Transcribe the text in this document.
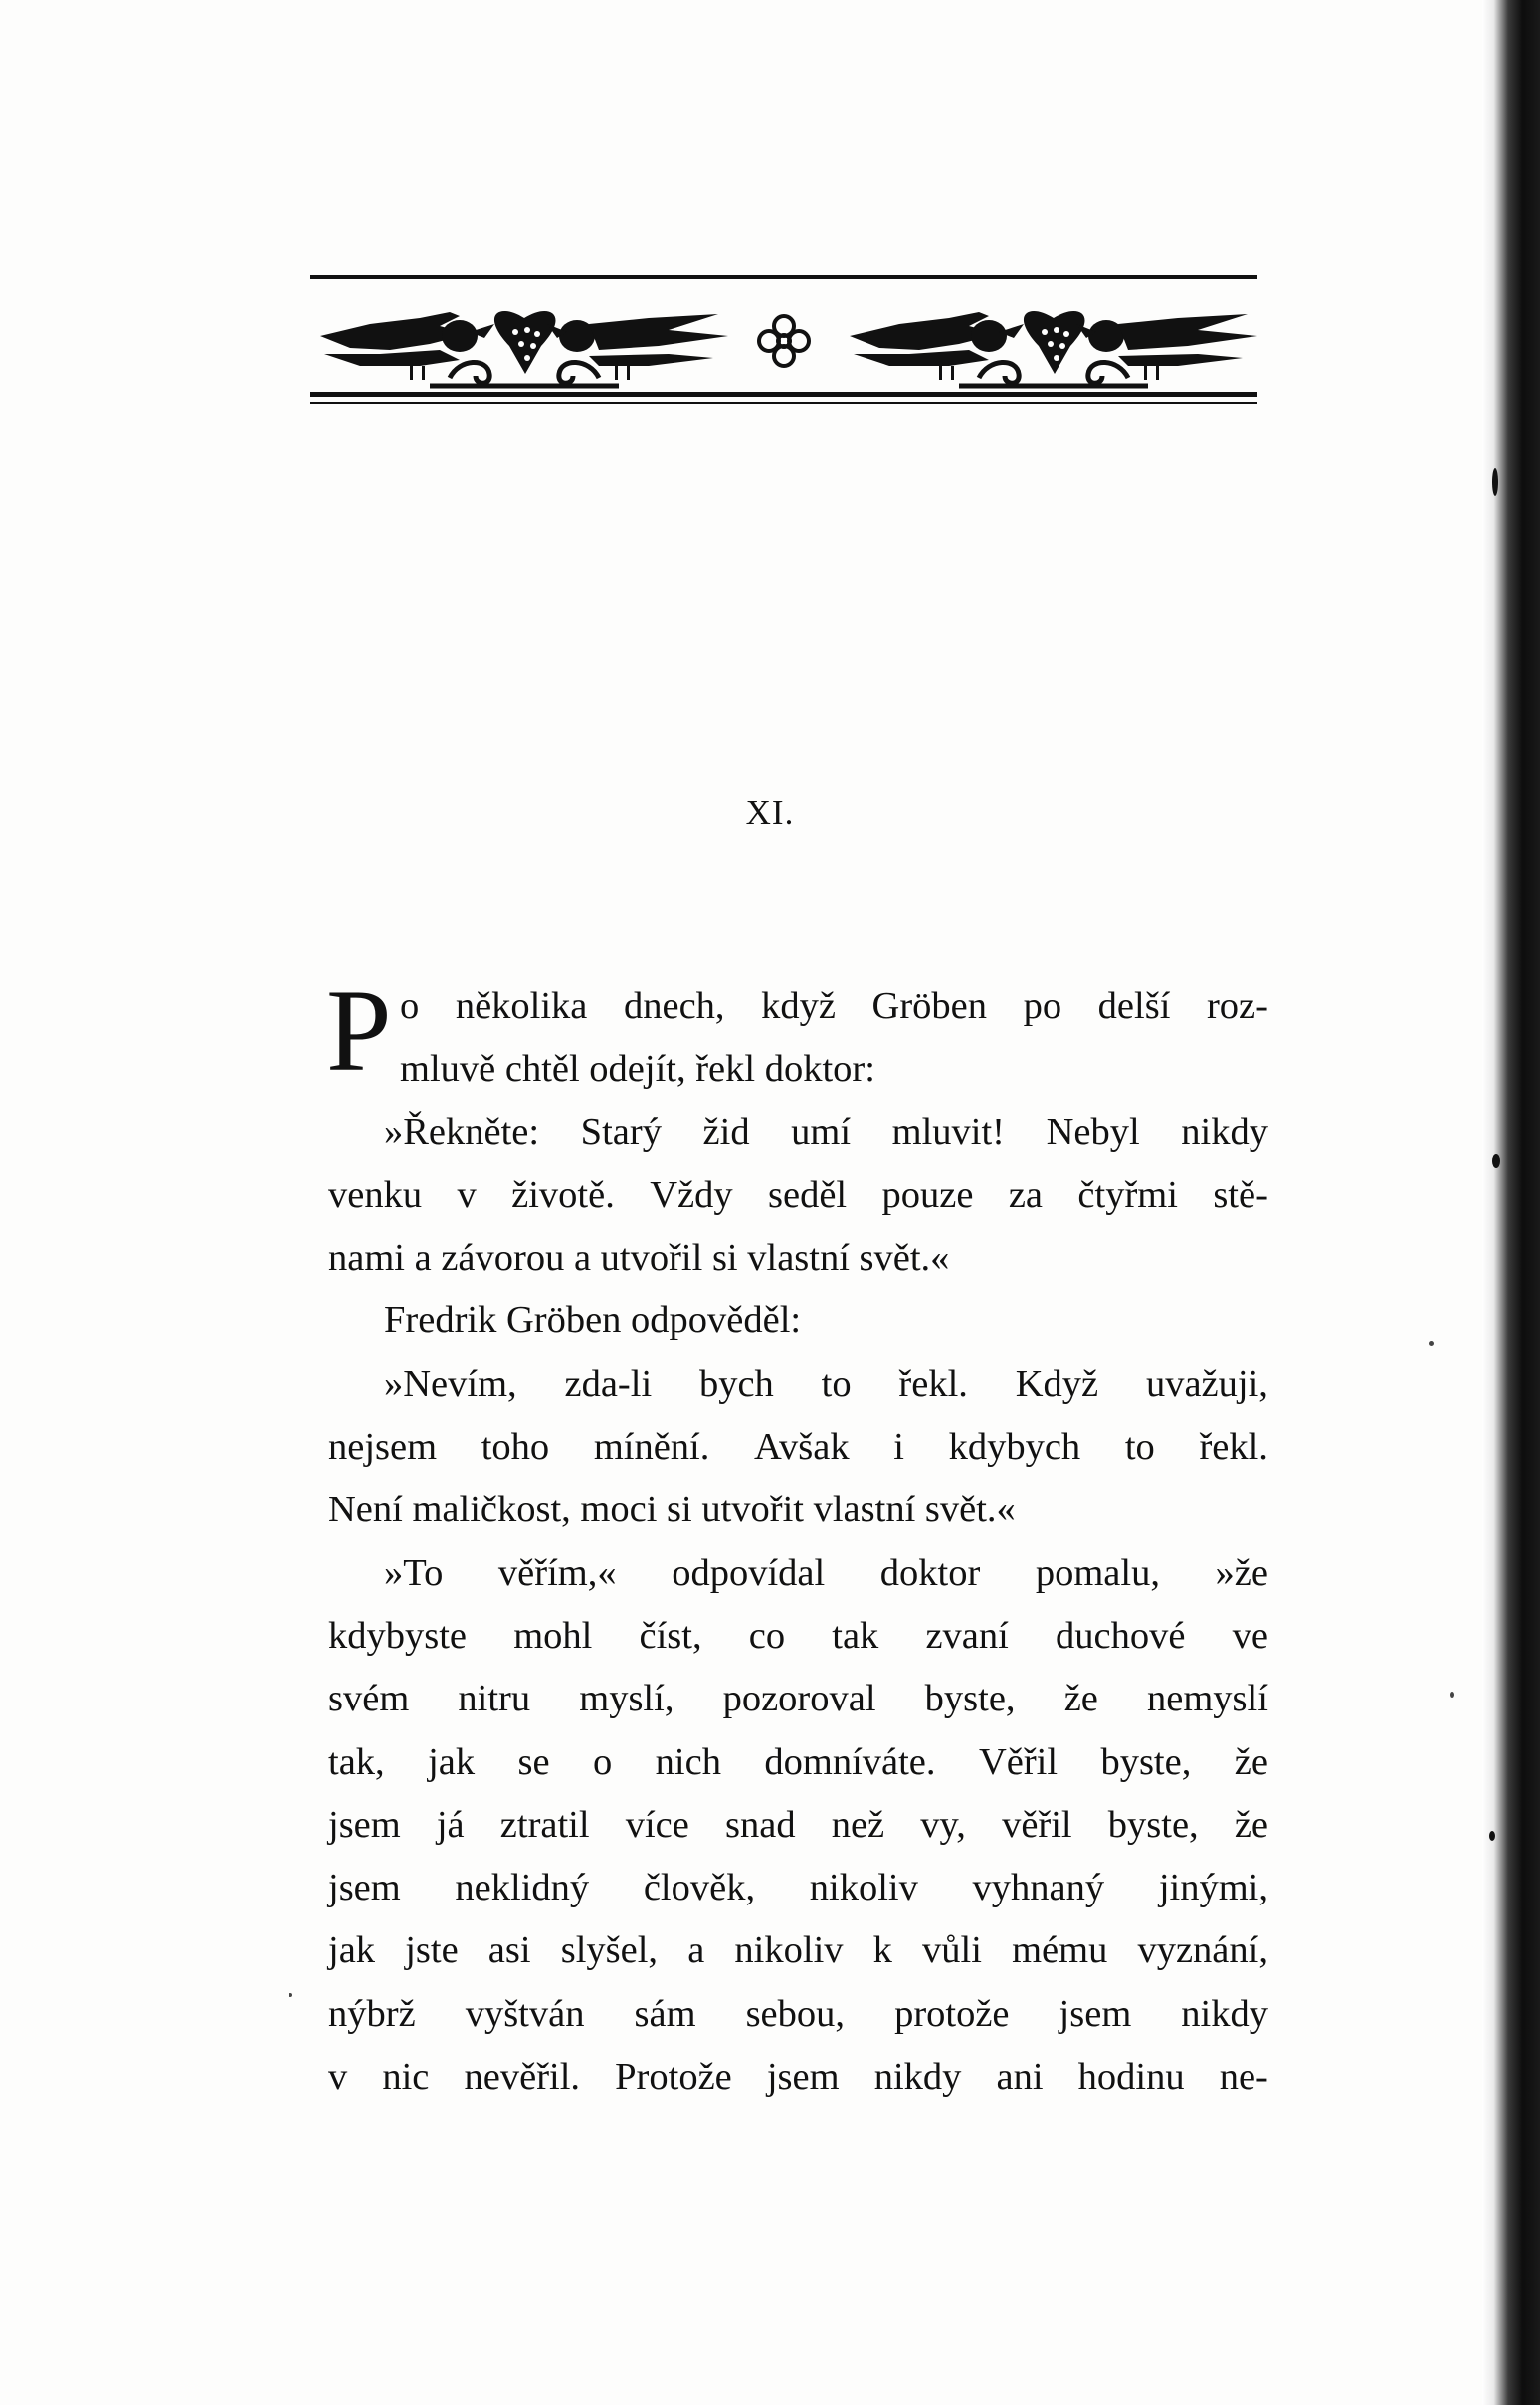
XI.
P o několika dnech, když Gröben po delší roz-
mluvě chtěl odejít, řekl doktor:
»Řekněte: Starý žid umí mluvit! Nebyl nikdy
venku v životě. Vždy seděl pouze za čtyřmi stě-
nami a závorou a utvořil si vlastní svět.«
Fredrik Gröben odpověděl:
»Nevím, zda-li bych to řekl. Když uvažuji,
nejsem toho mínění. Avšak i kdybych to řekl.
Není maličkost, moci si utvořit vlastní svět.«
»To věřím,« odpovídal doktor pomalu, »že
kdybyste mohl číst, co tak zvaní duchové ve
svém nitru myslí, pozoroval byste, že nemyslí
tak, jak se o nich domníváte. Věřil byste, že
jsem já ztratil více snad než vy, věřil byste, že
jsem neklidný člověk, nikoliv vyhnaný jinými,
jak jste asi slyšel, a nikoliv k vůli mému vyznání,
nýbrž vyštván sám sebou, protože jsem nikdy
v nic nevěřil. Protože jsem nikdy ani hodinu ne-
